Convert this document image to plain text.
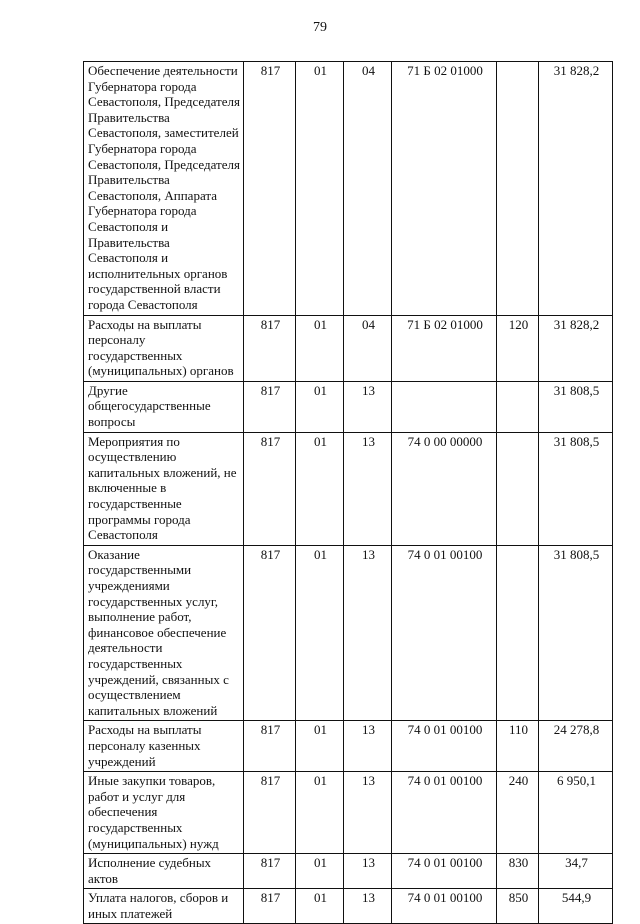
79
Обеспечение деятельности Губернатора города Севастополя, Председателя Правительства Севастополя, заместителей Губернатора города Севастополя, Председателя Правительства Севастополя, Аппарата Губернатора города Севастополя и Правительства Севастополя и исполнительных органов государственной власти города Севастополя	817	01	04	71 Б 02 01000		31 828,2
Расходы на выплаты персоналу государственных (муниципальных) органов	817	01	04	71 Б 02 01000	120	31 828,2
Другие общегосударственные вопросы	817	01	13			31 808,5
Мероприятия по осуществлению капитальных вложений, не включенные в государственные программы города Севастополя	817	01	13	74 0 00 00000		31 808,5
Оказание государственными учреждениями государственных услуг, выполнение работ, финансовое обеспечение деятельности государственных учреждений, связанных с осуществлением капитальных вложений	817	01	13	74 0 01 00100		31 808,5
Расходы на выплаты персоналу казенных учреждений	817	01	13	74 0 01 00100	110	24 278,8
Иные закупки товаров, работ и услуг для обеспечения государственных (муниципальных) нужд	817	01	13	74 0 01 00100	240	6 950,1
Исполнение судебных актов	817	01	13	74 0 01 00100	830	34,7
Уплата налогов, сборов и иных платежей	817	01	13	74 0 01 00100	850	544,9
